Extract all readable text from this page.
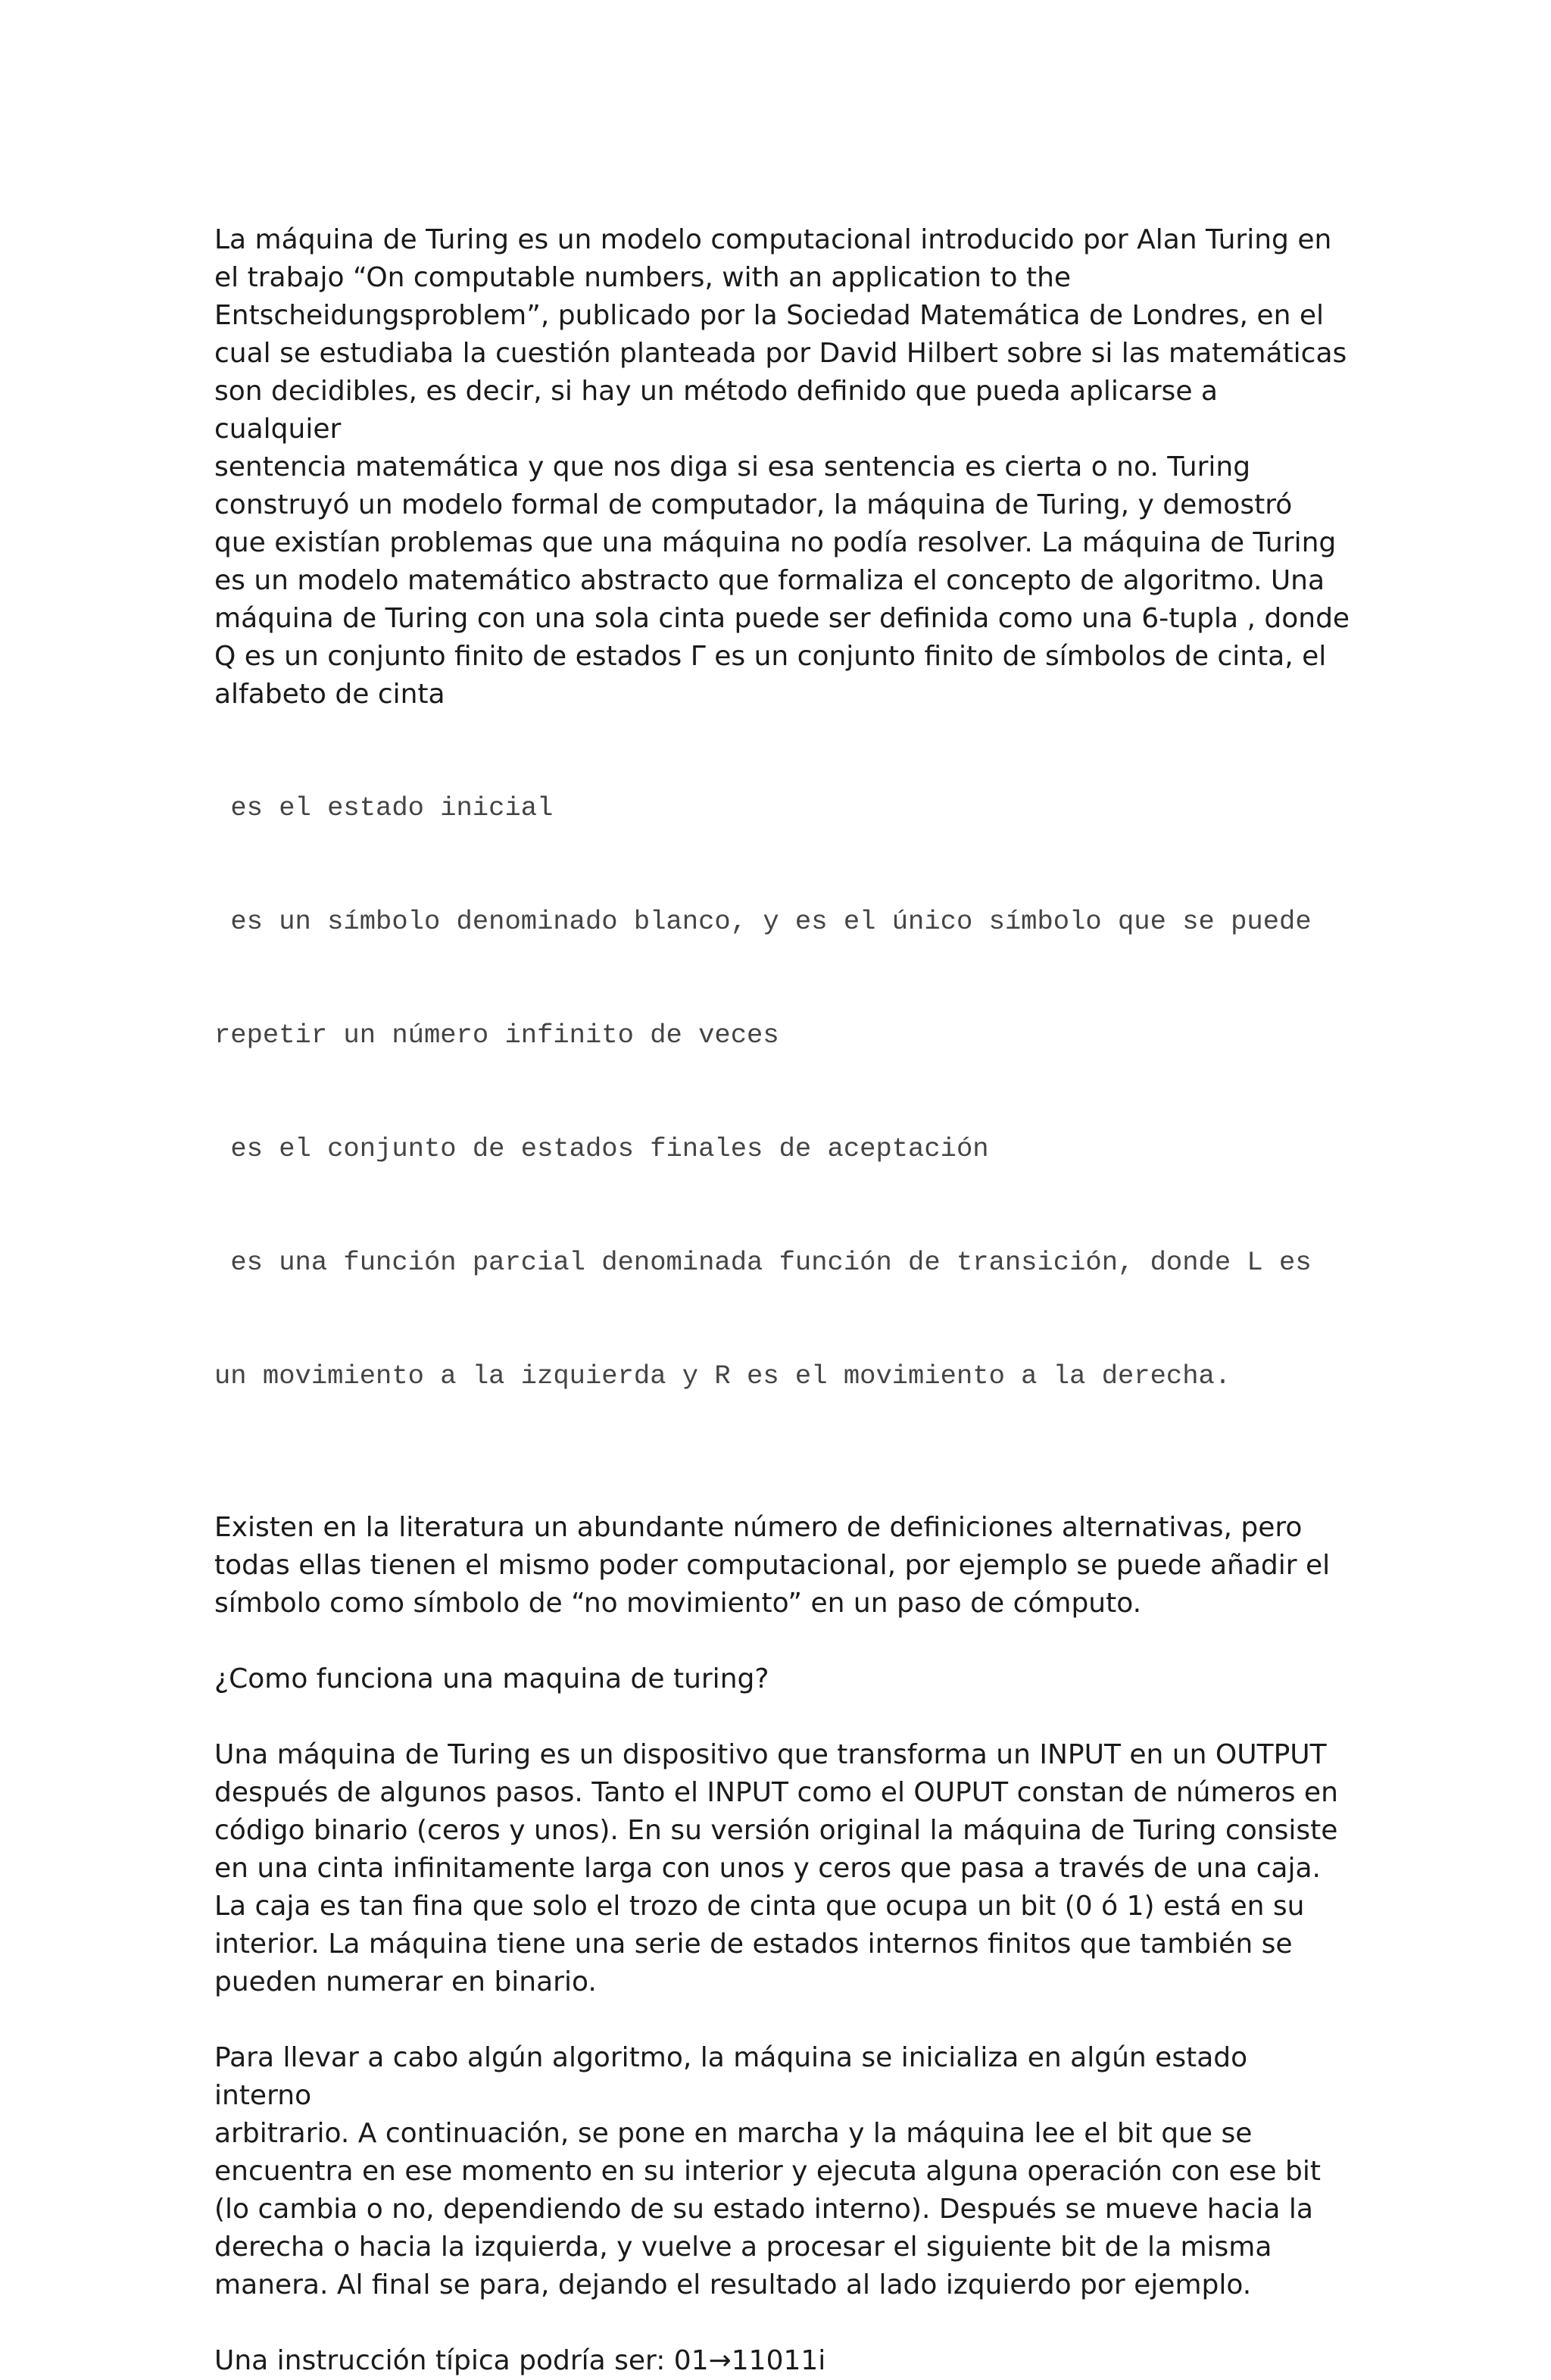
La máquina de Turing es un modelo computacional introducido por Alan Turing en
el trabajo “On computable numbers, with an application to the
Entscheidungsproblem”, publicado por la Sociedad Matemática de Londres, en el
cual se estudiaba la cuestión planteada por David Hilbert sobre si las matemáticas
son decidibles, es decir, si hay un método definido que pueda aplicarse a cualquier
sentencia matemática y que nos diga si esa sentencia es cierta o no. Turing
construyó un modelo formal de computador, la máquina de Turing, y demostró
que existían problemas que una máquina no podía resolver. La máquina de Turing
es un modelo matemático abstracto que formaliza el concepto de algoritmo. Una
máquina de Turing con una sola cinta puede ser definida como una 6-tupla , donde
Q es un conjunto finito de estados Γ es un conjunto finito de símbolos de cinta, el
alfabeto de cinta

es el estado inicial

es un símbolo denominado blanco, y es el único símbolo que se puede

repetir un número infinito de veces

es el conjunto de estados finales de aceptación

es una función parcial denominada función de transición, donde L es

un movimiento a la izquierda y R es el movimiento a la derecha.

Existen en la literatura un abundante número de definiciones alternativas, pero
todas ellas tienen el mismo poder computacional, por ejemplo se puede añadir el
símbolo como símbolo de “no movimiento” en un paso de cómputo.
¿Como funciona una maquina de turing?
Una máquina de Turing es un dispositivo que transforma un INPUT en un OUTPUT
después de algunos pasos. Tanto el INPUT como el OUPUT constan de números en
código binario (ceros y unos). En su versión original la máquina de Turing consiste
en una cinta infinitamente larga con unos y ceros que pasa a través de una caja.
La caja es tan fina que solo el trozo de cinta que ocupa un bit (0 ó 1) está en su
interior. La máquina tiene una serie de estados internos finitos que también se
pueden numerar en binario.
Para llevar a cabo algún algoritmo, la máquina se inicializa en algún estado interno
arbitrario. A continuación, se pone en marcha y la máquina lee el bit que se
encuentra en ese momento en su interior y ejecuta alguna operación con ese bit
(lo cambia o no, dependiendo de su estado interno). Después se mueve hacia la
derecha o hacia la izquierda, y vuelve a procesar el siguiente bit de la misma
manera. Al final se para, dejando el resultado al lado izquierdo por ejemplo.
Una instrucción típica podría ser: 01→11011i
